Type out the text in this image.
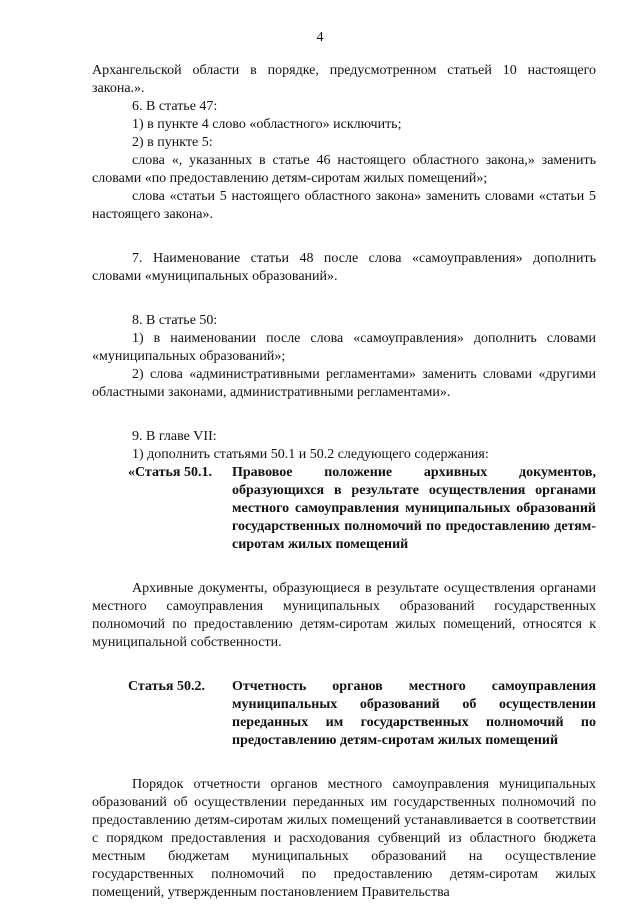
4

Архангельской области в порядке, предусмотренном статьей 10 настоящего закона.».

6. В статье 47:

1) в пункте 4 слово «областного» исключить;

2) в пункте 5:

слова «, указанных в статье 46 настоящего областного закона,» заменить словами «по предоставлению детям-сиротам жилых помещений»;

слова «статьи 5 настоящего областного закона» заменить словами «статьи 5 настоящего закона».

7. Наименование статьи 48 после слова «самоуправления» дополнить словами «муниципальных образований».

8. В статье 50:

1) в наименовании после слова «самоуправления» дополнить словами «муниципальных образований»;

2) слова «административными регламентами» заменить словами «другими областными законами, административными регламентами».

9. В главе VII:

1) дополнить статьями 50.1 и 50.2 следующего содержания:

«Статья 50.1.	Правовое положение архивных документов, образующихся в результате осуществления органами местного самоуправления муниципальных образований государственных полномочий по предоставлению детям-сиротам жилых помещений

Архивные документы, образующиеся в результате осуществления органами местного самоуправления муниципальных образований государственных полномочий по предоставлению детям-сиротам жилых помещений, относятся к муниципальной собственности.

Статья 50.2.	Отчетность органов местного самоуправления муниципальных образований об осуществлении переданных им государственных полномочий по предоставлению детям-сиротам жилых помещений

Порядок отчетности органов местного самоуправления муниципальных образований об осуществлении переданных им государственных полномочий по предоставлению детям-сиротам жилых помещений устанавливается в соответствии с порядком предоставления и расходования субвенций из областного бюджета местным бюджетам муниципальных образований на осуществление государственных полномочий по предоставлению детям-сиротам жилых помещений, утвержденным постановлением Правительства
